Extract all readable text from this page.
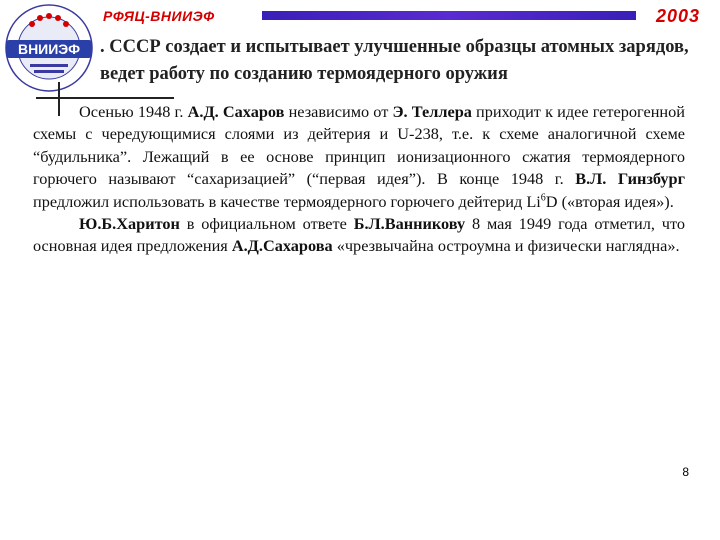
ВНИИЭФ
РФЯЦ-ВНИИЭФ	2003
. СССР создает и испытывает улучшенные образцы атомных зарядов, ведет работу по созданию термоядерного оружия

Осенью 1948 г. А.Д. Сахаров независимо от Э. Теллера приходит к идее гетерогенной схемы с чередующимися слоями из дейтерия и U-238, т.е. к схеме аналогичной схеме “будильника”. Лежащий в ее основе принцип ионизационного сжатия термоядерного горючего называют “сахаризацией” (“первая идея”). В конце 1948 г. В.Л. Гинзбург предложил использовать в качестве термоядерного горючего дейтерид Li$^6$D («вторая идея»).

Ю.Б.Харитон в официальном ответе Б.Л.Ванникову 8 мая 1949 года отметил, что основная идея предложения А.Д.Сахарова «чрезвычайна остроумна и физически наглядна».

8
